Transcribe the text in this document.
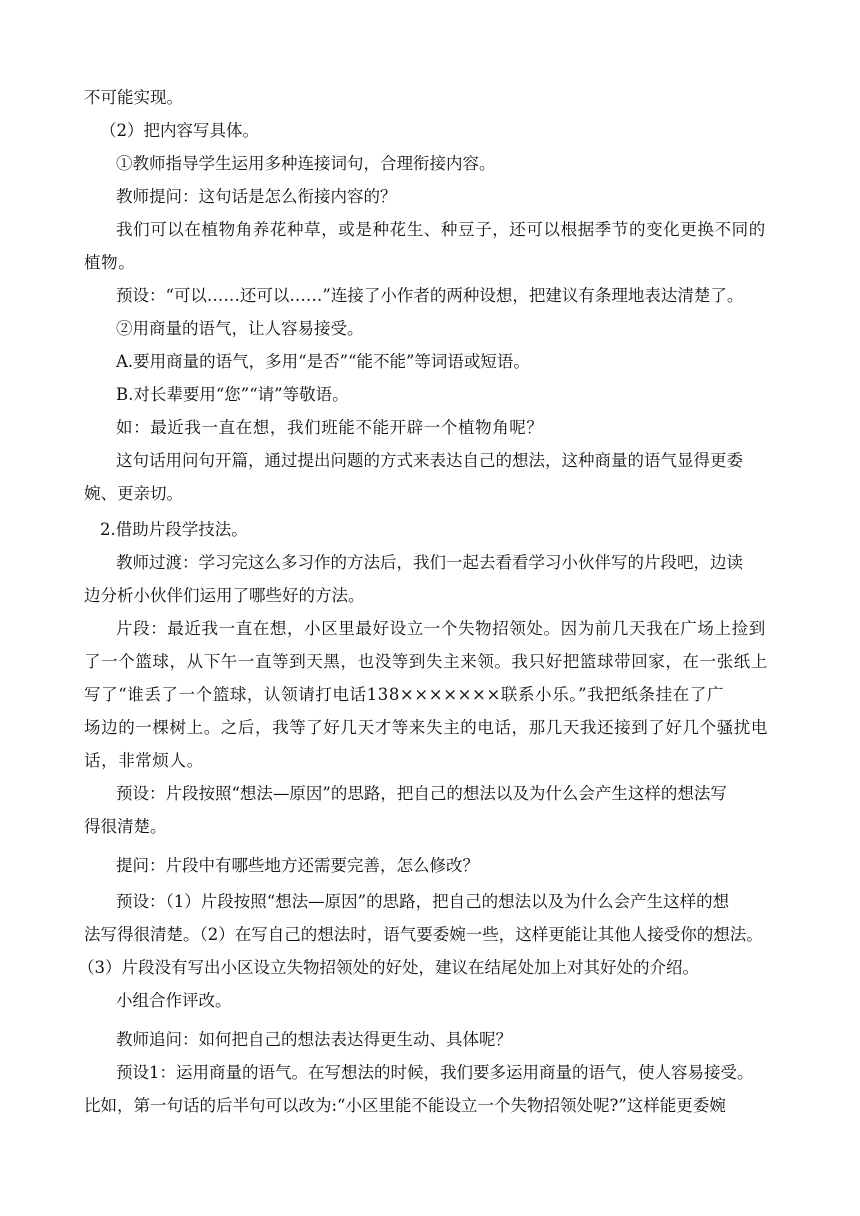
不可能实现。
（2）把内容写具体。
①教师指导学生运用多种连接词句，合理衔接内容。
教师提问：这句话是怎么衔接内容的？
我们可以在植物角养花种草，或是种花生、种豆子，还可以根据季节的变化更换不同的
植物。
预设：“可以……还可以……”连接了小作者的两种设想，把建议有条理地表达清楚了。
②用商量的语气，让人容易接受。
A.要用商量的语气，多用“是否”“能不能”等词语或短语。
B.对长辈要用“您”“请”等敬语。
如：最近我一直在想，我们班能不能开辟一个植物角呢？
这句话用问句开篇，通过提出问题的方式来表达自己的想法，这种商量的语气显得更委
婉、更亲切。
2.借助片段学技法。
教师过渡：学习完这么多习作的方法后，我们一起去看看学习小伙伴写的片段吧，边读
边分析小伙伴们运用了哪些好的方法。
片段：最近我一直在想，小区里最好设立一个失物招领处。因为前几天我在广场上捡到
了一个篮球，从下午一直等到天黑，也没等到失主来领。我只好把篮球带回家，在一张纸上
写了“谁丢了一个篮球，认领请打电话138×××××××联系小乐。”我把纸条挂在了广
场边的一棵树上。之后，我等了好几天才等来失主的电话，那几天我还接到了好几个骚扰电
话，非常烦人。
预设：片段按照“想法—原因”的思路，把自己的想法以及为什么会产生这样的想法写
得很清楚。
提问：片段中有哪些地方还需要完善，怎么修改？
预设：（1）片段按照“想法—原因”的思路，把自己的想法以及为什么会产生这样的想
法写得很清楚。（2）在写自己的想法时，语气要委婉一些，这样更能让其他人接受你的想法。
（3）片段没有写出小区设立失物招领处的好处，建议在结尾处加上对其好处的介绍。
小组合作评改。
教师追问：如何把自己的想法表达得更生动、具体呢？
预设1：运用商量的语气。在写想法的时候，我们要多运用商量的语气，使人容易接受。
比如，第一句话的后半句可以改为:“小区里能不能设立一个失物招领处呢?”这样能更委婉
